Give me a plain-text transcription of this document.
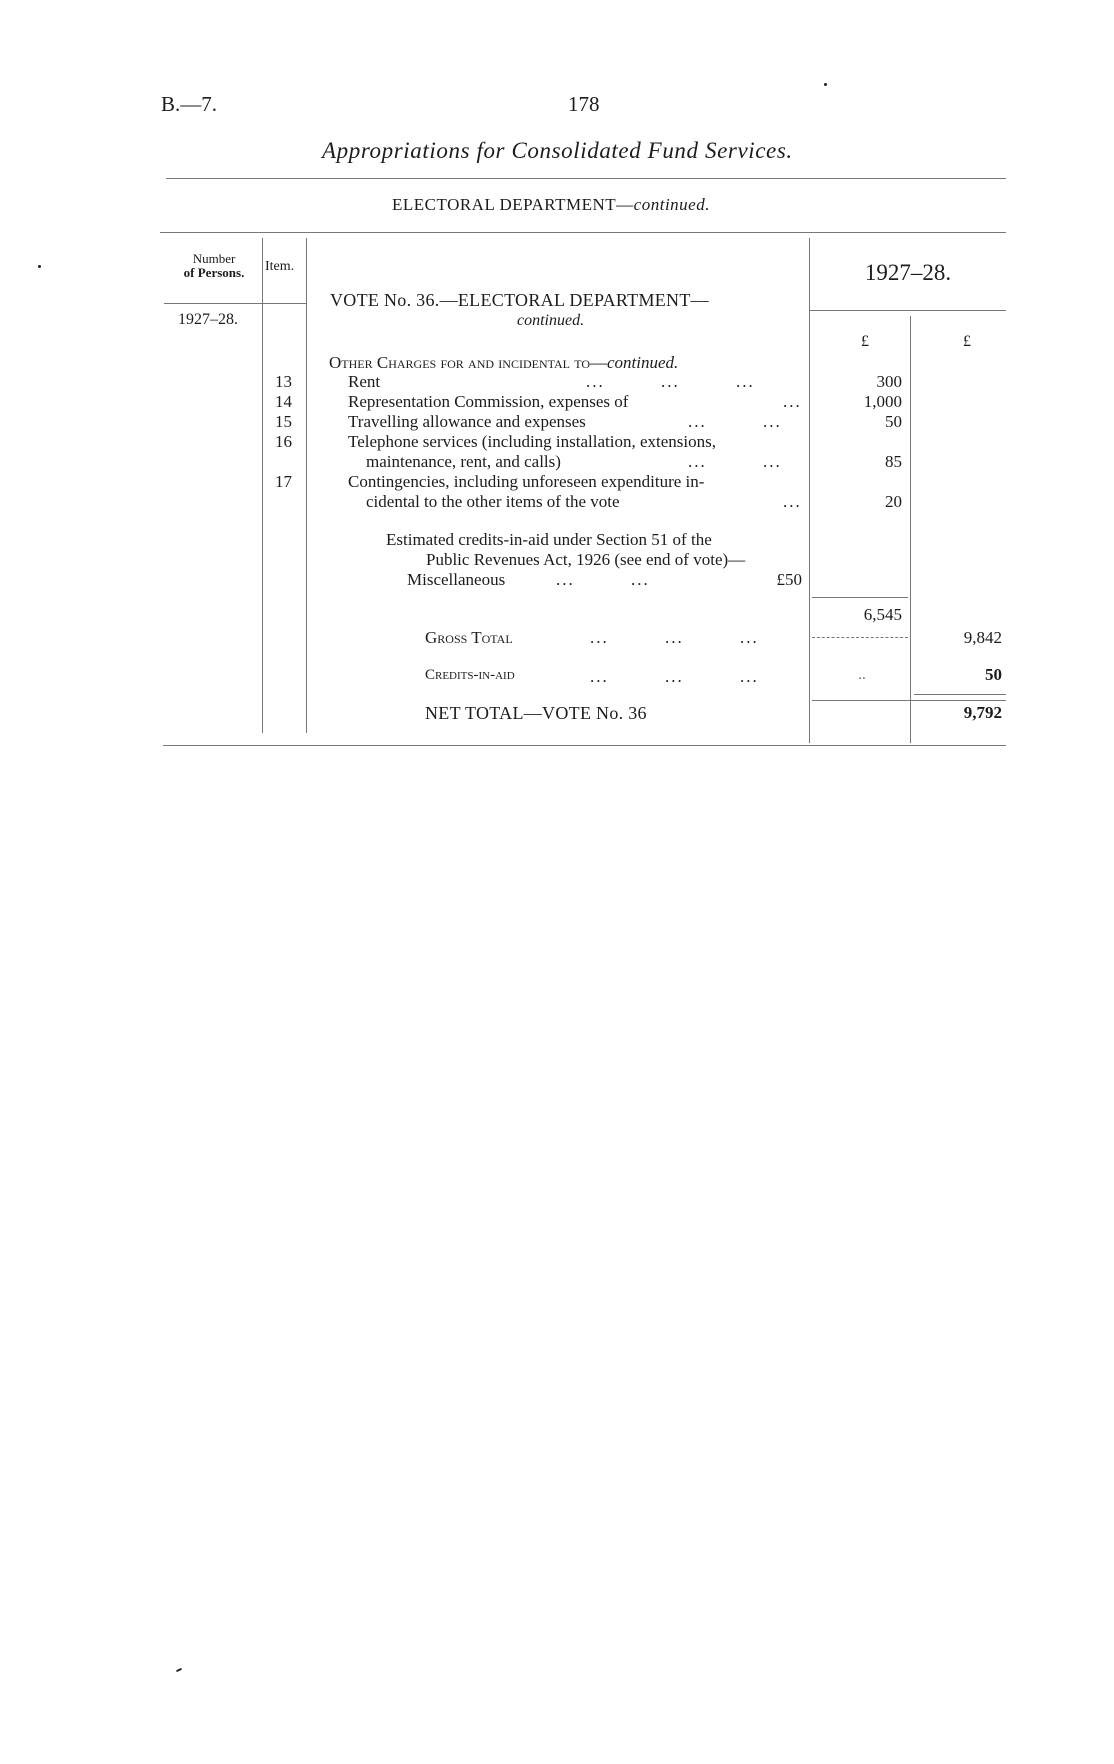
B.—7.	178
Appropriations for Consolidated Fund Services.
ELECTORAL DEPARTMENT—continued.
Number
of Persons.	Item.
1927–28.
1927–28.
£	£
VOTE No. 36.—ELECTORAL DEPARTMENT—
continued.
Other Charges for and incidental to—continued.
13	Rent	...         ...         ...	300
14	Representation Commission, expenses of	...	1,000
15	Travelling allowance and expenses	...         ...	50
16	Telephone services (including installation, extensions,
maintenance, rent, and calls)	...         ...	85
17	Contingencies, including unforeseen expenditure in-
cidental to the other items of the vote	...	20
Estimated credits-in-aid under Section 51 of the
Public Revenues Act, 1926 (see end of vote)—
Miscellaneous	...         ...	£50
6,545
Gross Total	...         ...         ...	9,842
Credits-in-aid	...         ...         ...	..	50
NET TOTAL—VOTE No. 36	9,792
